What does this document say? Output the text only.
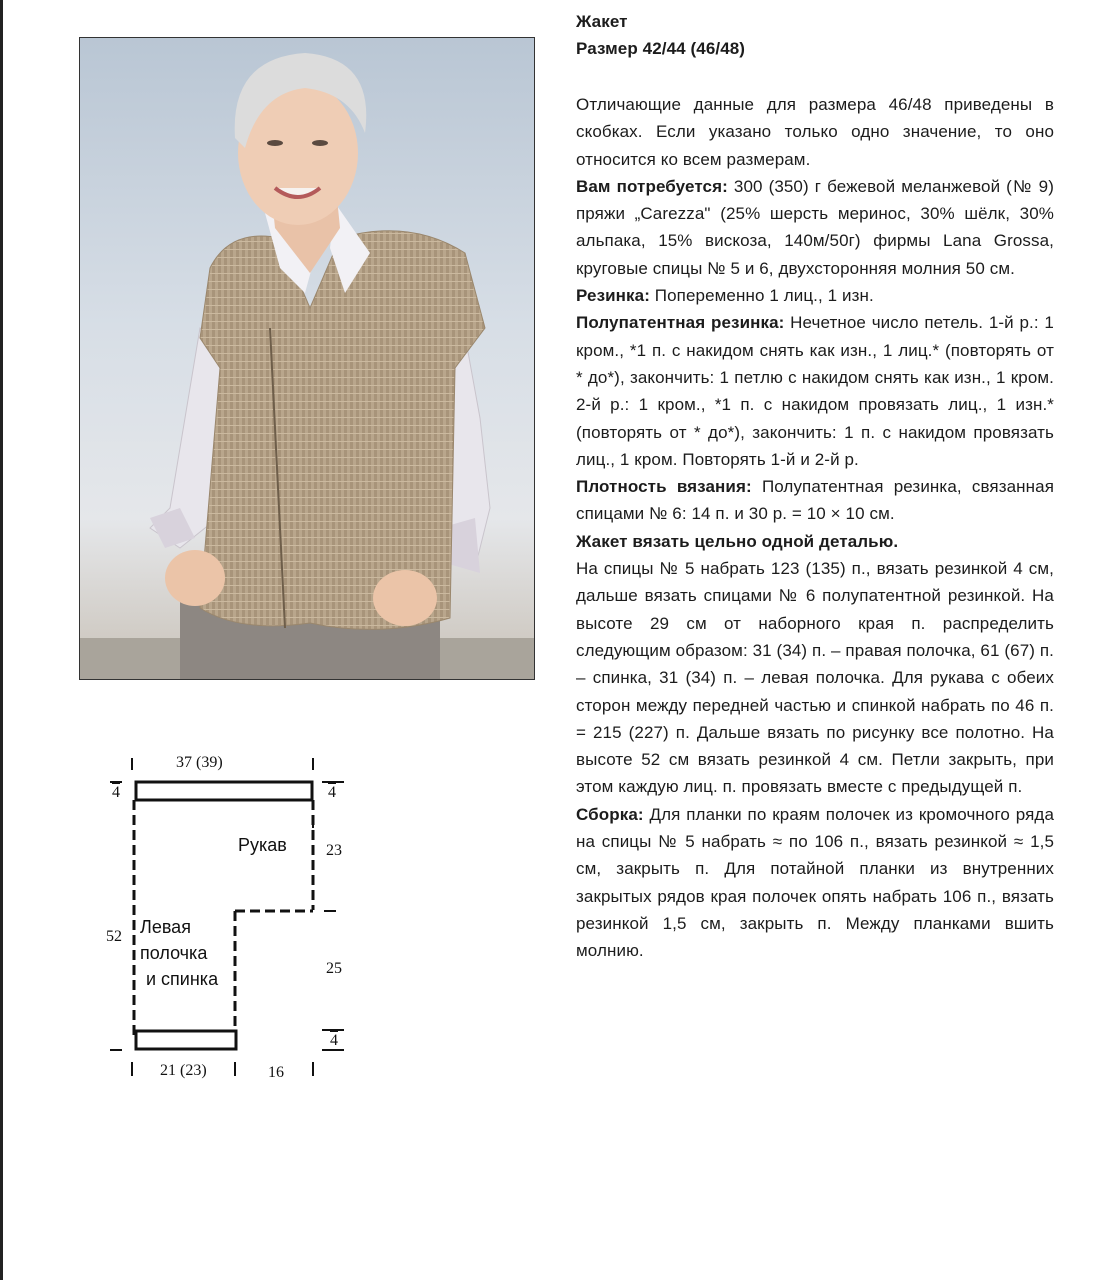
Жакет

Размер 42/44 (46/48)

Отличающие данные для размера 46/48 приведены в скобках. Если указано только одно значение, то оно относится ко всем размерам.

Вам потребуется: 300 (350) г бежевой меланжевой (№ 9) пряжи „Carezza" (25% шерсть меринос, 30% шёлк, 30% альпака, 15% вискоза, 140м/50г) фирмы Lana Grossa, круговые спицы № 5 и 6, двухсторонняя молния 50 см.

Резинка: Попеременно 1 лиц., 1 изн.

Полупатентная резинка: Нечетное число петель. 1-й р.: 1 кром., *1 п. с накидом снять как изн., 1 лиц.* (повторять от * до*), закончить: 1 петлю с накидом снять как изн., 1 кром. 2-й р.: 1 кром., *1 п. с накидом провязать лиц., 1 изн.* (повторять от * до*), закончить: 1 п. с накидом провязать лиц., 1 кром. Повторять 1-й и 2-й р.

Плотность вязания: Полупатентная резинка, связанная спицами № 6: 14 п. и 30 р. = 10 × 10 см.

Жакет вязать цельно одной деталью.

На спицы № 5 набрать 123 (135) п., вязать резинкой 4 см, дальше вязать спицами № 6 полупатентной резинкой. На высоте 29 см от наборного края п. распределить следующим образом: 31 (34) п. – правая полочка, 61 (67) п. – спинка, 31 (34) п. – левая полочка. Для рукава с обеих сторон между передней частью и спинкой набрать по 46 п. = 215 (227) п. Дальше вязать по рисунку все полотно. На высоте 52 см вязать резинкой 4 см. Петли закрыть, при этом каждую лиц. п. провязать вместе с предыдущей п.

Сборка: Для планки по краям полочек из кромочного ряда на спицы № 5 набрать ≈ по 106 п., вязать резинкой ≈ 1,5 см, закрыть п. Для потайной планки из внутренних закрытых рядов края полочек опять набрать 106 п., вязать резинкой 1,5 см, закрыть п. Между планками вшить молнию.

37 (39)
4	4
Рукав 23
52 Левая
полочка
и спинка
25
4
21 (23)	16
